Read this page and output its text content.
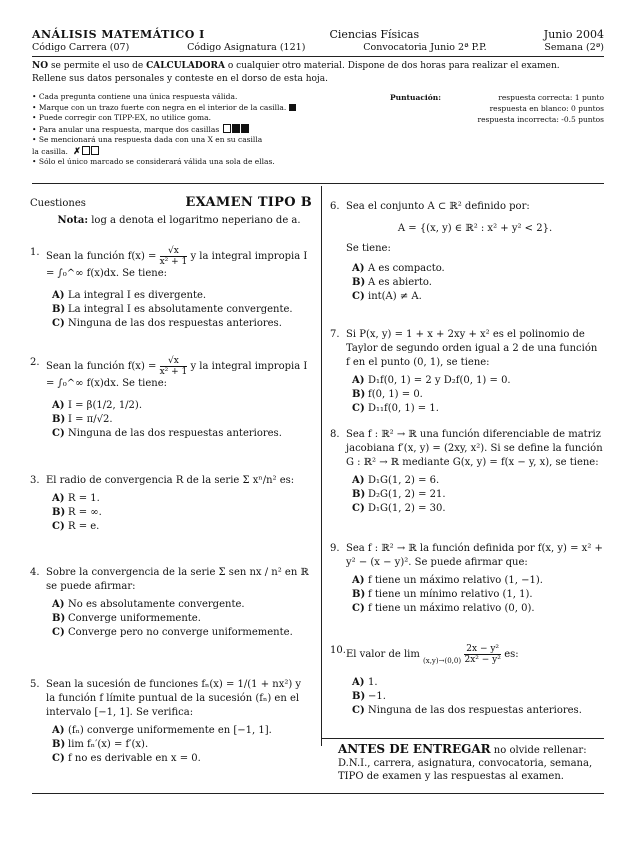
ANÁLISIS MATEMÁTICO I	Ciencias Físicas	Junio 2004
Código Carrera (07)	Código Asignatura (121)	Convocatoria Junio 2ª P.P.	Semana (2ª)
NO se permite el uso de CALCULADORA o cualquier otro material. Dispone de dos horas para realizar el examen.
Rellene sus datos personales y conteste en el dorso de esta hoja.
• Cada pregunta contiene una única respuesta válida.
• Marque con un trazo fuerte con negra en el interior de la casilla.
• Puede corregir con TIPP-EX, no utilice goma.
• Para anular una respuesta, marque dos casillas
• Se mencionará una respuesta dada con una X en su casilla
la casilla. ✗
• Sólo el único marcado se considerará válida una sola de ellas.
Puntuación:	respuesta correcta: 1 punto
respuesta en blanco: 0 puntos
respuesta incorrecta: -0.5 puntos
Cuestiones	EXAMEN TIPO B
Nota: log a denota el logaritmo neperiano de a.
1. Sean la función $f(x) = \frac{√x}{\text{x² + 1}}$ y la integral impropia I = ∫₀^∞ f(x)dx. Se tiene:
A) La integral I es divergente.
B) La integral I es absolutamente convergente.
C) Ninguna de las dos respuestas anteriores.
2. Sean la función $f(x) = \frac{√x}{\text{x² + 1}}$ y la integral impropia I = ∫₀^∞ f(x)dx. Se tiene:
A) I = β(1/2, 1/2).
B) I = π/√2.
C) Ninguna de las dos respuestas anteriores.
3. El radio de convergencia R de la serie Σ xⁿ/n² es:
A) R = 1.
B) R = ∞.
C) R = e.
4. Sobre la convergencia de la serie Σ sen nx / n² en ℝ se puede afirmar:
A) No es absolutamente convergente.
B) Converge uniformemente.
C) Converge pero no converge uniformemente.
5. Sean la sucesión de funciones fₙ(x) = 1/(1 + nx²) y la función f límite puntual de la sucesión (fₙ) en el intervalo [−1, 1]. Se verifica:
A) (fₙ) converge uniformemente en [−1, 1].
B) lim fₙ′(x) = f′(x).
C) f no es derivable en x = 0.
6. Sea el conjunto A ⊂ ℝ² definido por:
A = {(x, y) ∈ ℝ² : x² + y² < 2}.
Se tiene:
A) A es compacto.
B) A es abierto.
C) int(A) ≠ A.
7. Si P(x, y) = 1 + x + 2xy + x² es el polinomio de Taylor de segundo orden igual a 2 de una función f en el punto (0, 1), se tiene:
A) D₁f(0, 1) = 2 y D₂f(0, 1) = 0.
B) f(0, 1) = 0.
C) D₁₁f(0, 1) = 1.
8. Sea f : ℝ² → ℝ una función diferenciable de matriz jacobiana f′(x, y) = (2xy, x²). Si se define la función G : ℝ² → ℝ mediante G(x, y) = f(x − y, x), se tiene:
A) D₁G(1, 2) = 6.
B) D₂G(1, 2) = 21.
C) D₁G(1, 2) = 30.
9. Sea f : ℝ² → ℝ la función definida por f(x, y) = x² + y² − (x − y)². Se puede afirmar que:
A) f tiene un máximo relativo (1, −1).
B) f tiene un mínimo relativo (1, 1).
C) f tiene un máximo relativo (0, 0).
10. El valor de $\lim (x,y)\to(0,0) \frac{\text{2x − y²}}{\text{2x² − y²}}$ es:
A) 1.
B) −1.
C) Ninguna de las dos respuestas anteriores.
ANTES DE ENTREGAR no olvide rellenar: D.N.I., carrera, asignatura, convocatoria, semana, TIPO de examen y las respuestas al examen.
